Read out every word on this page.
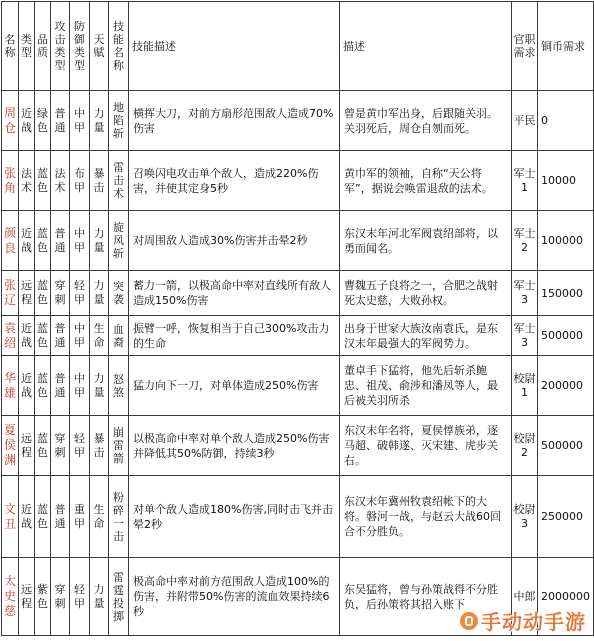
名称	类型	品质	攻击类型	防御类型	天赋	技能名称	技能描述	描述	官职需求	铜币需求
周仓	近战	绿色	普通	中甲	力量	地陷斩	横挥大刀，对前方扇形范围敌人造成70%伤害	曾是黄巾军出身，后跟随关羽。关羽死后，周仓自刎而死。	平民	0
张角	法术	蓝色	法术	布甲	暴击	雷击术	召唤闪电攻击单个敌人，造成220%伤害，并使其定身5秒	黄巾军的领袖，自称“天公将军”，据说会唤雷退敌的法术。	军士1	10000
颜良	近战	蓝色	普通	中甲	力量	旋风斩	对周围敌人造成30%伤害并击晕2秒	东汉末年河北军阀袁绍部将，以勇而闻名。	军士2	100000
张辽	远程	蓝色	穿刺	轻甲	力量	突袭	蓄力一箭，以极高命中率对直线所有敌人造成150%伤害	曹魏五子良将之一，合肥之战射死太史慈，大败孙权。	军士3	150000
袁绍	近战	蓝色	普通	中甲	生命	血裔	振臂一呼，恢复相当于自己300%攻击力的生命	出身于世家大族汝南袁氏，是东汉末年最强大的军阀势力。	军士3	500000
华雄	近战	蓝色	普通	中甲	力量	怒煞	猛力向下一刀，对单体造成250%伤害	董卓手下猛将，他先后斩杀鲍忠、祖茂、俞涉和潘凤等人，最后被关羽所杀	校尉1	200000
夏侯渊	远程	蓝色	穿刺	轻甲	暴击	崩雷箭	以极高命中率对单个敌人造成250%伤害并降低其50%防御，持续3秒	东汉末年名将，夏侯惇族弟，逐马超、破韩遂、灭宋建、虎步关右。	校尉2	500000
文丑	近战	蓝色	普通	重甲	生命	粉碎一击	对单个敌人造成180%伤害,同时击飞并击晕2秒	东汉末年冀州牧袁绍帐下的大将。磐河一战，与赵云大战60回合不分胜负。	校尉3	250000
太史慈	远程	紫色	穿刺	轻甲	力量	雷霆投掷	极高命中率对前方范围敌人造成100%的伤害，并附带50%伤害的流血效果持续6秒	东吴猛将，曾与孙策战得不分胜负，后孙策将其招入账下	中郎	2000000
手动动手游
